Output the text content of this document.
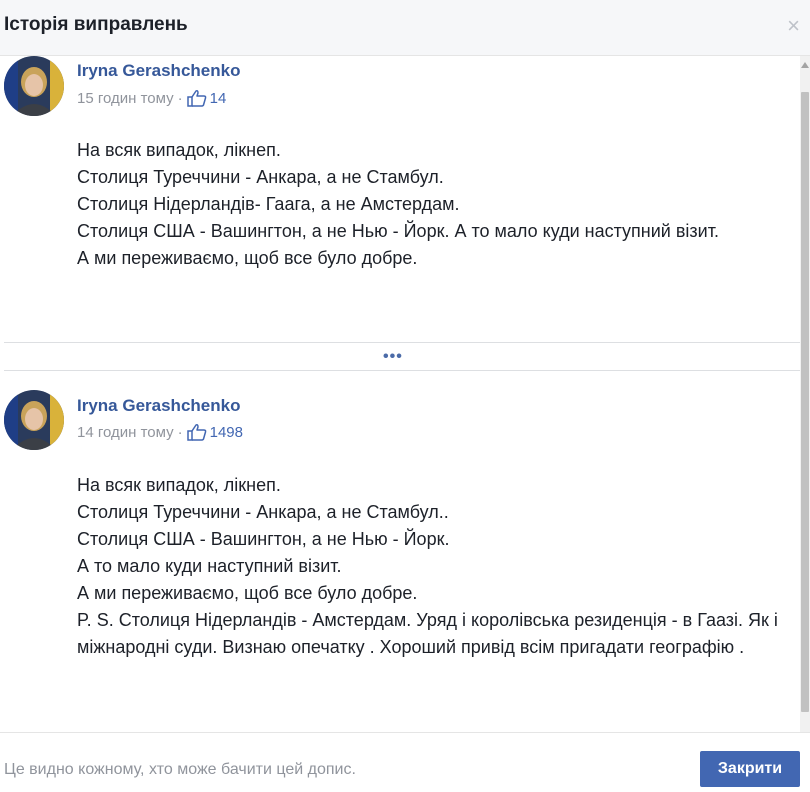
Історія виправлень	×
Iryna Gerashchenko
15 годин тому · 14

На всяк випадок, лікнеп.

Столиця Туреччини - Анкара, а не Стамбул.

Столиця Нідерландів- Гаага, а не Амстердам.

Столиця США - Вашингтон, а не Нью - Йорк. А то мало куди наступний візит.

А ми переживаємо, щоб все було добре.

•••
Iryna Gerashchenko
14 годин тому · 1498

На всяк випадок, лікнеп.

Столиця Туреччини - Анкара, а не Стамбул..

Столиця США - Вашингтон, а не Нью - Йорк.

А то мало куди наступний візит.

А ми переживаємо, щоб все було добре.

P. S. Столиця Нідерландів - Амстердам. Уряд і королівська резиденція - в Гаазі. Як і міжнародні суди. Визнаю опечатку . Хороший привід всім пригадати географію .

Це видно кожному, хто може бачити цей допис.	Закрити
